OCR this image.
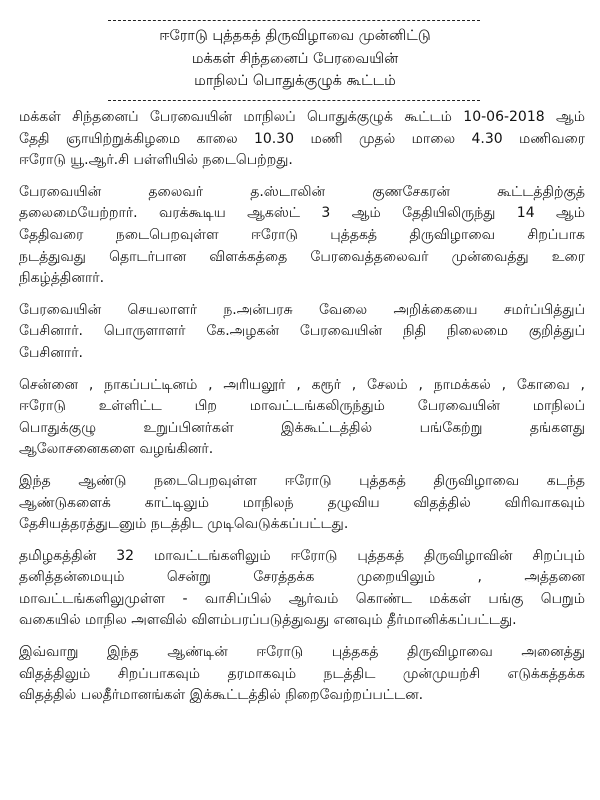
ஈரோடு புத்தகத் திருவிழாவை முன்னிட்டு
மக்கள் சிந்தனைப் பேரவையின்
மாநிலப் பொதுக்குழுக் கூட்டம்
மக்கள் சிந்தனைப் பேரவையின் மாநிலப் பொதுக்குழுக் கூட்டம் 10-06-2018 ஆம்
தேதி ஞாயிற்றுக்கிழமை காலை 10.30 மணி முதல் மாலை 4.30 மணிவரை
ஈரோடு யூ.ஆர்.சி பள்ளியில் நடைபெற்றது.
பேரவையின் தலைவர் த.ஸ்டாலின் குணசேகரன் கூட்டத்திற்குத்
தலைமையேற்றார். வரக்கூடிய ஆகஸ்ட் 3 ஆம் தேதியிலிருந்து 14 ஆம்
தேதிவரை நடைபெறவுள்ள ஈரோடு புத்தகத் திருவிழாவை சிறப்பாக
நடத்துவது தொடர்பான விளக்கத்தை பேரவைத்தலைவர் முன்வைத்து உரை
நிகழ்த்தினார்.
பேரவையின் செயலாளர் ந.அன்பரசு வேலை அறிக்கையை சமர்ப்பித்துப்
பேசினார். பொருளாளர் கே.அழகன் பேரவையின் நிதி நிலைமை குறித்துப்
பேசினார்.
சென்னை , நாகப்பட்டினம் , அரியலூர் , கரூர் , சேலம் , நாமக்கல் , கோவை ,
ஈரோடு உள்ளிட்ட பிற மாவட்டங்கலிருந்தும் பேரவையின் மாநிலப்
பொதுக்குழு உறுப்பினர்கள் இக்கூட்டத்தில் பங்கேற்று தங்களது
ஆலோசனைகளை வழங்கினர்.
இந்த ஆண்டு நடைபெறவுள்ள ஈரோடு புத்தகத் திருவிழாவை கடந்த
ஆண்டுகளைக் காட்டிலும் மாநிலந் தழுவிய விதத்தில் விரிவாகவும்
தேசியத்தரத்துடனும் நடத்திட முடிவெடுக்கப்பட்டது.
தமிழகத்தின் 32 மாவட்டங்களிலும் ஈரோடு புத்தகத் திருவிழாவின் சிறப்பும்
தனித்தன்மையும் சென்று சேரத்தக்க முறையிலும் , அத்தனை
மாவட்டங்களிலுமுள்ள - வாசிப்பில் ஆர்வம் கொண்ட மக்கள் பங்கு பெறும்
வகையில் மாநில அளவில் விளம்பரப்படுத்துவது எனவும் தீர்மானிக்கப்பட்டது.
இவ்வாறு இந்த ஆண்டின் ஈரோடு புத்தகத் திருவிழாவை அனைத்து
விதத்திலும் சிறப்பாகவும் தரமாகவும் நடத்திட முன்முயற்சி எடுக்கத்தக்க
விதத்தில் பலதீர்மானங்கள் இக்கூட்டத்தில் நிறைவேற்றப்பட்டன.
